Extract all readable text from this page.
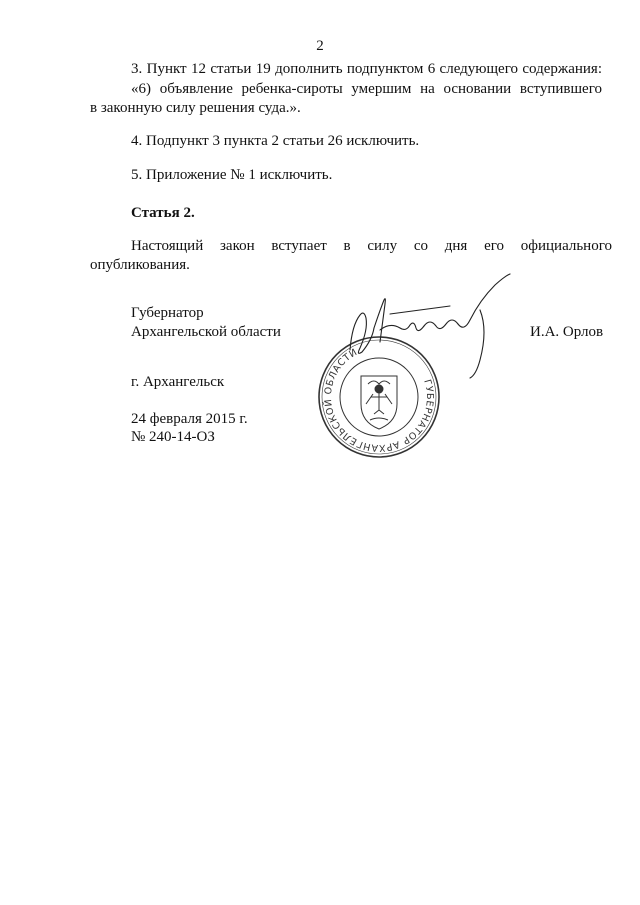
2
3. Пункт 12 статьи 19 дополнить подпунктом 6 следующего содержания:
«6) объявление ребенка-сироты умершим на основании вступившего
в законную силу решения суда.».
4. Подпункт 3 пункта 2 статьи 26 исключить.
5. Приложение № 1 исключить.
Статья 2.
Настоящий закон вступает в силу со дня его официального
опубликования.
Губернатор
Архангельской области	И.А. Орлов
г. Архангельск
24 февраля 2015 г.
№ 240-14-ОЗ
ГУБЕРНАТОР АРХАНГЕЛЬСКОЙ ОБЛАСТИ
